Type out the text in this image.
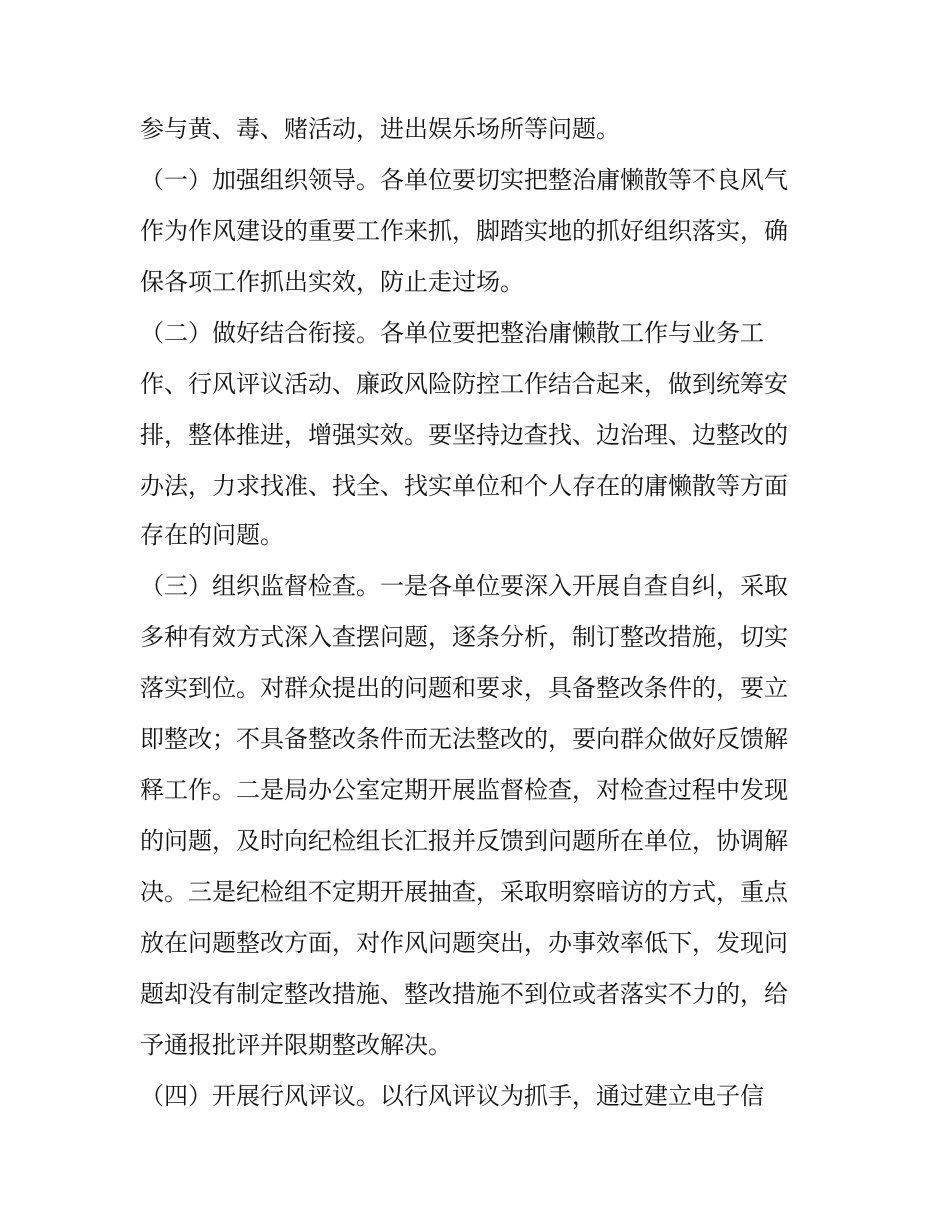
参与黄、毒、赌活动，进出娱乐场所等问题。
（一）加强组织领导。各单位要切实把整治庸懒散等不良风气
作为作风建设的重要工作来抓，脚踏实地的抓好组织落实，确
保各项工作抓出实效，防止走过场。
（二）做好结合衔接。各单位要把整治庸懒散工作与业务工
作、行风评议活动、廉政风险防控工作结合起来，做到统筹安
排，整体推进，增强实效。要坚持边查找、边治理、边整改的
办法，力求找准、找全、找实单位和个人存在的庸懒散等方面
存在的问题。
（三）组织监督检查。一是各单位要深入开展自查自纠，采取
多种有效方式深入查摆问题，逐条分析，制订整改措施，切实
落实到位。对群众提出的问题和要求，具备整改条件的，要立
即整改；不具备整改条件而无法整改的，要向群众做好反馈解
释工作。二是局办公室定期开展监督检查，对检查过程中发现
的问题，及时向纪检组长汇报并反馈到问题所在单位，协调解
决。三是纪检组不定期开展抽查，采取明察暗访的方式，重点
放在问题整改方面，对作风问题突出，办事效率低下，发现问
题却没有制定整改措施、整改措施不到位或者落实不力的，给
予通报批评并限期整改解决。
（四）开展行风评议。以行风评议为抓手，通过建立电子信
